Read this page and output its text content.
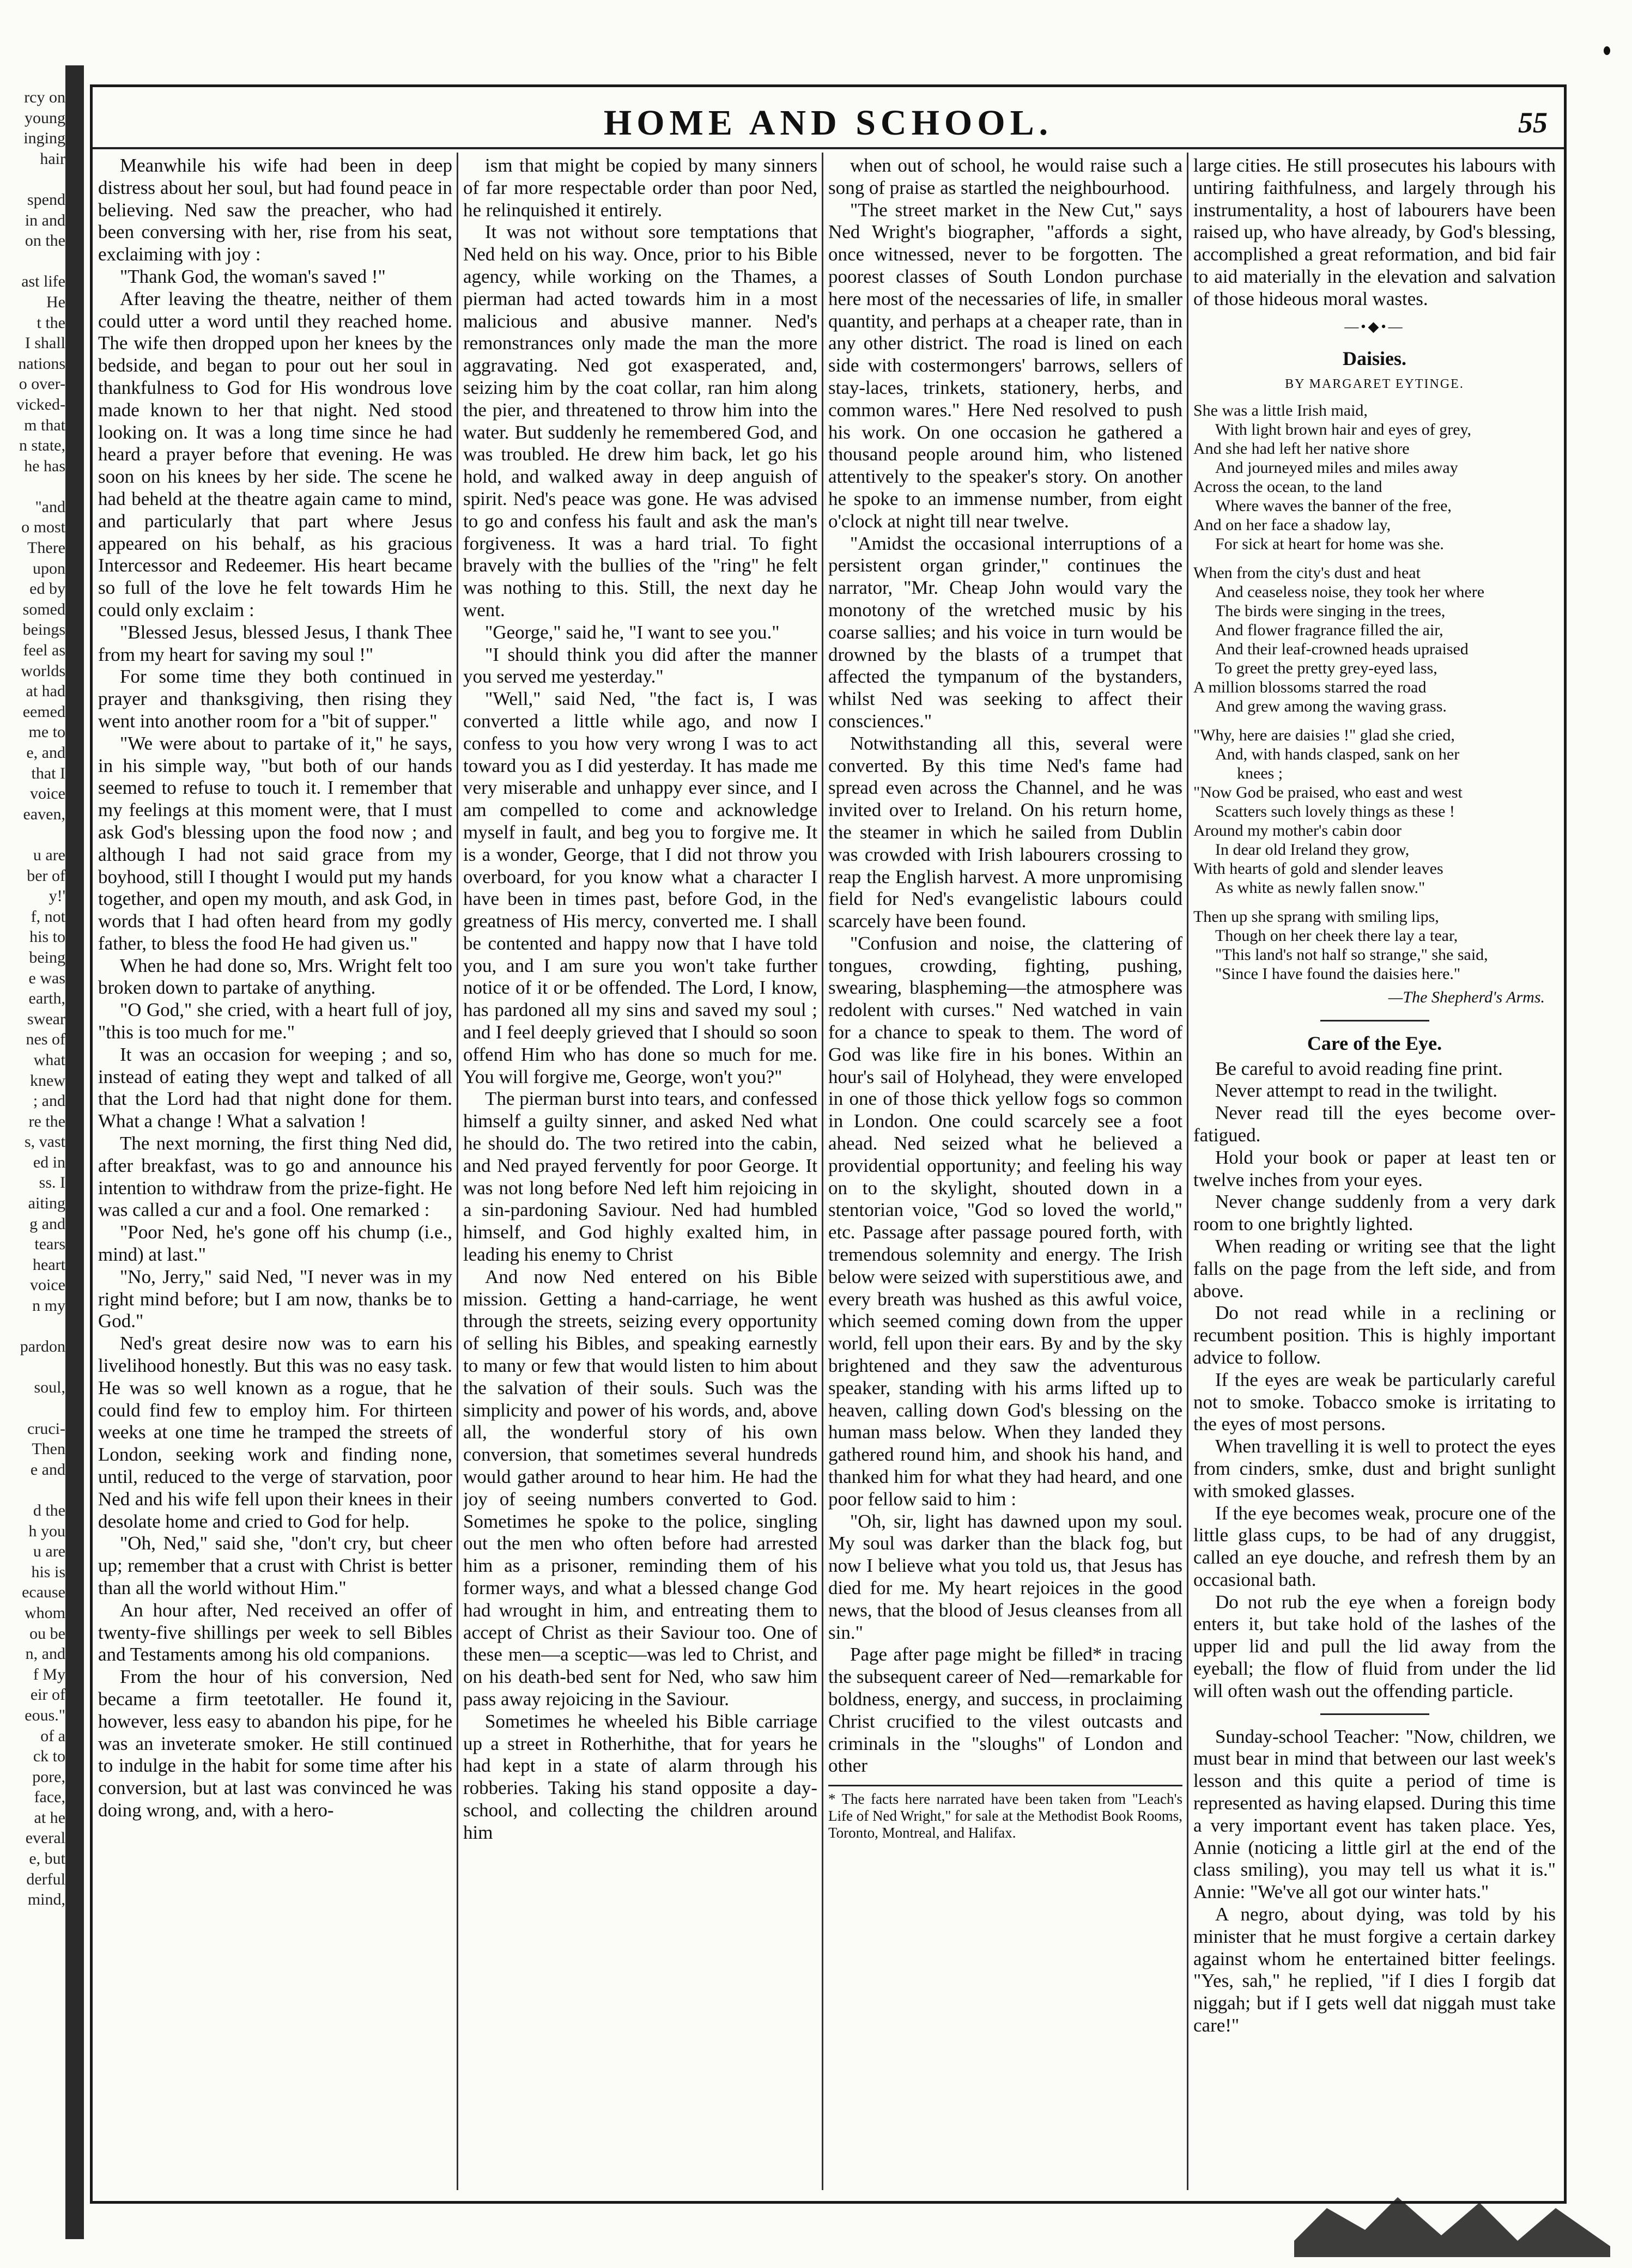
rcy on
young
inging
hair
spend
in and
on the
ast life
He
t the
I shall
nations
o over-
vicked-
m that
n state,
he has
"and
o most
There
upon
ed by
somed
beings
feel as
worlds
at had
eemed
me to
e, and
that I
voice
eaven,
u are
ber of
y!'
f, not
his to
being
e was
earth,
swear
nes of
what
knew
; and
re the
s, vast
ed in
ss. I
aiting
g and
tears
heart
voice
n my
pardon
soul,
cruci-
Then
e and
d the
h you
u are
his is
ecause
whom
ou be
n, and
f My
eir of
eous."
of a
ck to
pore,
face,
at he
everal
e, but
derful
mind,
HOME AND SCHOOL.	55

Meanwhile his wife had been in deep distress about her soul, but had found peace in believing. Ned saw the preacher, who had been conversing with her, rise from his seat, exclaiming with joy :

"Thank God, the woman's saved !"

After leaving the theatre, neither of them could utter a word until they reached home. The wife then dropped upon her knees by the bedside, and began to pour out her soul in thankfulness to God for His wondrous love made known to her that night. Ned stood looking on. It was a long time since he had heard a prayer before that evening. He was soon on his knees by her side. The scene he had beheld at the theatre again came to mind, and particularly that part where Jesus appeared on his behalf, as his gracious Intercessor and Redeemer. His heart became so full of the love he felt towards Him he could only exclaim :

"Blessed Jesus, blessed Jesus, I thank Thee from my heart for saving my soul !"

For some time they both continued in prayer and thanksgiving, then rising they went into another room for a "bit of supper."

"We were about to partake of it," he says, in his simple way, "but both of our hands seemed to refuse to touch it. I remember that my feelings at this moment were, that I must ask God's blessing upon the food now ; and although I had not said grace from my boyhood, still I thought I would put my hands together, and open my mouth, and ask God, in words that I had often heard from my godly father, to bless the food He had given us."

When he had done so, Mrs. Wright felt too broken down to partake of anything.

"O God," she cried, with a heart full of joy, "this is too much for me."

It was an occasion for weeping ; and so, instead of eating they wept and talked of all that the Lord had that night done for them. What a change ! What a salvation !

The next morning, the first thing Ned did, after breakfast, was to go and announce his intention to withdraw from the prize-fight. He was called a cur and a fool. One remarked :

"Poor Ned, he's gone off his chump (i.e., mind) at last."

"No, Jerry," said Ned, "I never was in my right mind before; but I am now, thanks be to God."

Ned's great desire now was to earn his livelihood honestly. But this was no easy task. He was so well known as a rogue, that he could find few to employ him. For thirteen weeks at one time he tramped the streets of London, seeking work and finding none, until, reduced to the verge of starvation, poor Ned and his wife fell upon their knees in their desolate home and cried to God for help.

"Oh, Ned," said she, "don't cry, but cheer up; remember that a crust with Christ is better than all the world without Him."

An hour after, Ned received an offer of twenty-five shillings per week to sell Bibles and Testaments among his old companions.

From the hour of his conversion, Ned became a firm teetotaller. He found it, however, less easy to abandon his pipe, for he was an inveterate smoker. He still continued to indulge in the habit for some time after his conversion, but at last was convinced he was doing wrong, and, with a hero-

ism that might be copied by many sinners of far more respectable order than poor Ned, he relinquished it entirely.

It was not without sore temptations that Ned held on his way. Once, prior to his Bible agency, while working on the Thames, a pierman had acted towards him in a most malicious and abusive manner. Ned's remonstrances only made the man the more aggravating. Ned got exasperated, and, seizing him by the coat collar, ran him along the pier, and threatened to throw him into the water. But suddenly he remembered God, and was troubled. He drew him back, let go his hold, and walked away in deep anguish of spirit. Ned's peace was gone. He was advised to go and confess his fault and ask the man's forgiveness. It was a hard trial. To fight bravely with the bullies of the "ring" he felt was nothing to this. Still, the next day he went.

"George," said he, "I want to see you."

"I should think you did after the manner you served me yesterday."

"Well," said Ned, "the fact is, I was converted a little while ago, and now I confess to you how very wrong I was to act toward you as I did yesterday. It has made me very miserable and unhappy ever since, and I am compelled to come and acknowledge myself in fault, and beg you to forgive me. It is a wonder, George, that I did not throw you overboard, for you know what a character I have been in times past, before God, in the greatness of His mercy, converted me. I shall be contented and happy now that I have told you, and I am sure you won't take further notice of it or be offended. The Lord, I know, has pardoned all my sins and saved my soul ; and I feel deeply grieved that I should so soon offend Him who has done so much for me. You will forgive me, George, won't you?"

The pierman burst into tears, and confessed himself a guilty sinner, and asked Ned what he should do. The two retired into the cabin, and Ned prayed fervently for poor George. It was not long before Ned left him rejoicing in a sin-pardoning Saviour. Ned had humbled himself, and God highly exalted him, in leading his enemy to Christ

And now Ned entered on his Bible mission. Getting a hand-carriage, he went through the streets, seizing every opportunity of selling his Bibles, and speaking earnestly to many or few that would listen to him about the salvation of their souls. Such was the simplicity and power of his words, and, above all, the wonderful story of his own conversion, that sometimes several hundreds would gather around to hear him. He had the joy of seeing numbers converted to God. Sometimes he spoke to the police, singling out the men who often before had arrested him as a prisoner, reminding them of his former ways, and what a blessed change God had wrought in him, and entreating them to accept of Christ as their Saviour too. One of these men—a sceptic—was led to Christ, and on his death-bed sent for Ned, who saw him pass away rejoicing in the Saviour.

Sometimes he wheeled his Bible carriage up a street in Rotherhithe, that for years he had kept in a state of alarm through his robberies. Taking his stand opposite a day-school, and collecting the children around him

when out of school, he would raise such a song of praise as startled the neighbourhood.

"The street market in the New Cut," says Ned Wright's biographer, "affords a sight, once witnessed, never to be forgotten. The poorest classes of South London purchase here most of the necessaries of life, in smaller quantity, and perhaps at a cheaper rate, than in any other district. The road is lined on each side with costermongers' barrows, sellers of stay-laces, trinkets, stationery, herbs, and common wares." Here Ned resolved to push his work. On one occasion he gathered a thousand people around him, who listened attentively to the speaker's story. On another he spoke to an immense number, from eight o'clock at night till near twelve.

"Amidst the occasional interruptions of a persistent organ grinder," continues the narrator, "Mr. Cheap John would vary the monotony of the wretched music by his coarse sallies; and his voice in turn would be drowned by the blasts of a trumpet that affected the tympanum of the bystanders, whilst Ned was seeking to affect their consciences."

Notwithstanding all this, several were converted. By this time Ned's fame had spread even across the Channel, and he was invited over to Ireland. On his return home, the steamer in which he sailed from Dublin was crowded with Irish labourers crossing to reap the English harvest. A more unpromising field for Ned's evangelistic labours could scarcely have been found.

"Confusion and noise, the clattering of tongues, crowding, fighting, pushing, swearing, blaspheming—the atmosphere was redolent with curses." Ned watched in vain for a chance to speak to them. The word of God was like fire in his bones. Within an hour's sail of Holyhead, they were enveloped in one of those thick yellow fogs so common in London. One could scarcely see a foot ahead. Ned seized what he believed a providential opportunity; and feeling his way on to the skylight, shouted down in a stentorian voice, "God so loved the world," etc. Passage after passage poured forth, with tremendous solemnity and energy. The Irish below were seized with superstitious awe, and every breath was hushed as this awful voice, which seemed coming down from the upper world, fell upon their ears. By and by the sky brightened and they saw the adventurous speaker, standing with his arms lifted up to heaven, calling down God's blessing on the human mass below. When they landed they gathered round him, and shook his hand, and thanked him for what they had heard, and one poor fellow said to him :

"Oh, sir, light has dawned upon my soul. My soul was darker than the black fog, but now I believe what you told us, that Jesus has died for me. My heart rejoices in the good news, that the blood of Jesus cleanses from all sin."

Page after page might be filled* in tracing the subsequent career of Ned—remarkable for boldness, energy, and success, in proclaiming Christ crucified to the vilest outcasts and criminals in the "sloughs" of London and other

* The facts here narrated have been taken from "Leach's Life of Ned Wright," for sale at the Methodist Book Rooms, Toronto, Montreal, and Halifax.

large cities. He still prosecutes his labours with untiring faithfulness, and largely through his instrumentality, a host of labourers have been raised up, who have already, by God's blessing, accomplished a great reformation, and bid fair to aid materially in the elevation and salvation of those hideous moral wastes.

—•◆•—
Daisies.
BY MARGARET EYTINGE.
She was a little Irish maid,
With light brown hair and eyes of grey,
And she had left her native shore
And journeyed miles and miles away
Across the ocean, to the land
Where waves the banner of the free,
And on her face a shadow lay,
For sick at heart for home was she.
When from the city's dust and heat
And ceaseless noise, they took her where
The birds were singing in the trees,
And flower fragrance filled the air,
And their leaf-crowned heads upraised
To greet the pretty grey-eyed lass,
A million blossoms starred the road
And grew among the waving grass.
"Why, here are daisies !" glad she cried,
And, with hands clasped, sank on her
knees ;
"Now God be praised, who east and west
Scatters such lovely things as these !
Around my mother's cabin door
In dear old Ireland they grow,
With hearts of gold and slender leaves
As white as newly fallen snow."
Then up she sprang with smiling lips,
Though on her cheek there lay a tear,
"This land's not half so strange," she said,
"Since I have found the daisies here."
—The Shepherd's Arms.
Care of the Eye.

Be careful to avoid reading fine print.

Never attempt to read in the twilight.

Never read till the eyes become over-fatigued.

Hold your book or paper at least ten or twelve inches from your eyes.

Never change suddenly from a very dark room to one brightly lighted.

When reading or writing see that the light falls on the page from the left side, and from above.

Do not read while in a reclining or recumbent position. This is highly important advice to follow.

If the eyes are weak be particularly careful not to smoke. Tobacco smoke is irritating to the eyes of most persons.

When travelling it is well to protect the eyes from cinders, smke, dust and bright sunlight with smoked glasses.

If the eye becomes weak, procure one of the little glass cups, to be had of any druggist, called an eye douche, and refresh them by an occasional bath.

Do not rub the eye when a foreign body enters it, but take hold of the lashes of the upper lid and pull the lid away from the eyeball; the flow of fluid from under the lid will often wash out the offending particle.

Sunday-school Teacher: "Now, children, we must bear in mind that between our last week's lesson and this quite a period of time is represented as having elapsed. During this time a very important event has taken place. Yes, Annie (noticing a little girl at the end of the class smiling), you may tell us what it is." Annie: "We've all got our winter hats."

A negro, about dying, was told by his minister that he must forgive a certain darkey against whom he entertained bitter feelings. "Yes, sah," he replied, "if I dies I forgib dat niggah; but if I gets well dat niggah must take care!"
